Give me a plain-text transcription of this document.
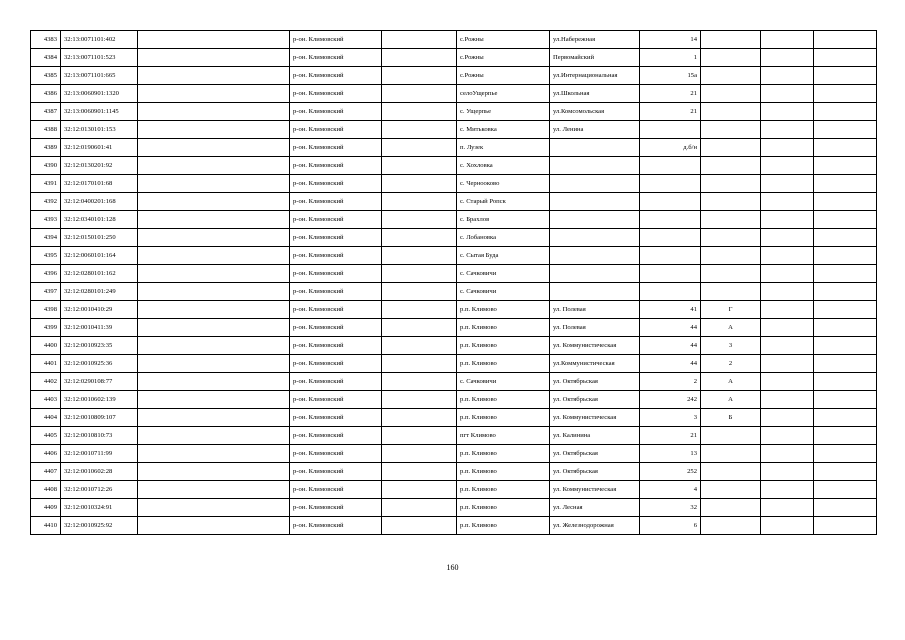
4383	32:13:0071101:402		р-он. Климовский		с.Рожны	ул.Набережная	14			
4384	32:13:0071101:523		р-он. Климовский		с.Рожны	Первомайский	1			
4385	32:13:0071101:665		р-он. Климовский		с.Рожны	ул.Интернациональная	15а			
4386	32:13:0060901:1320		р-он. Климовский		селоУщерпье	ул.Школьная	21			
4387	32:13:0060901:1145		р-он. Климовский		с. Ущерпье	ул.Комсомольская	21			
4388	32:12:0130101:153		р-он. Климовский		с. Митьковка	ул. Ленина				
4389	32:12:0190601:41		р-он. Климовский		п. Лузек		д.б/н			
4390	32:12:0130201:92		р-он. Климовский		с. Хохловка					
4391	32:12:0170101:68		р-он. Климовский		с. Чернооково					
4392	32:12:0400201:168		р-он. Климовский		с. Старый Ропск					
4393	32:12:0340101:128		р-он. Климовский		с. Брахлов					
4394	32:12:0150101:250		р-он. Климовский		с. Лобановка					
4395	32:12:0060101:164		р-он. Климовский		с. Сытая Буда					
4396	32:12:0280101:162		р-он. Климовский		с. Сачковичи					
4397	32:12:0280101:249		р-он. Климовский		с. Сачковичи					
4398	32:12:0010410:29		р-он. Климовский		р.п. Климово	ул. Полевая	41	Г		
4399	32:12:0010411:39		р-он. Климовский		р.п. Климово	ул. Полевая	44	А		
4400	32:12:0010923:35		р-он. Климовский		р.п. Климово	ул. Коммунистическая	44	3		
4401	32:12:0010925:36		р-он. Климовский		р.п. Климово	ул.Коммунистическая	44	2		
4402	32:12:0290108:77		р-он. Климовский		с. Сачковичи	ул. Октябрьская	2	А		
4403	32:12:0010602:139		р-он. Климовский		р.п. Климово	ул. Октябрьская	242	А		
4404	32:12:0010809:107		р-он. Климовский		р.п. Климово	ул. Коммунистическая	3	Б		
4405	32:12:0010810:73		р-он. Климовский		пгт Климово	ул. Калинина	21			
4406	32:12:0010711:99		р-он. Климовский		р.п. Климово	ул. Октябрьская	13			
4407	32:12:0010602:28		р-он. Климовский		р.п. Климово	ул. Октябрьская	252			
4408	32:12:0010712:26		р-он. Климовский		р.п. Климово	ул. Коммунистическая	4			
4409	32:12:0010324:91		р-он. Климовский		р.п. Климово	ул. Лесная	32			
4410	32:12:0010925:92		р-он. Климовский		р.п. Климово	ул. Железнодорожная	6			
160
